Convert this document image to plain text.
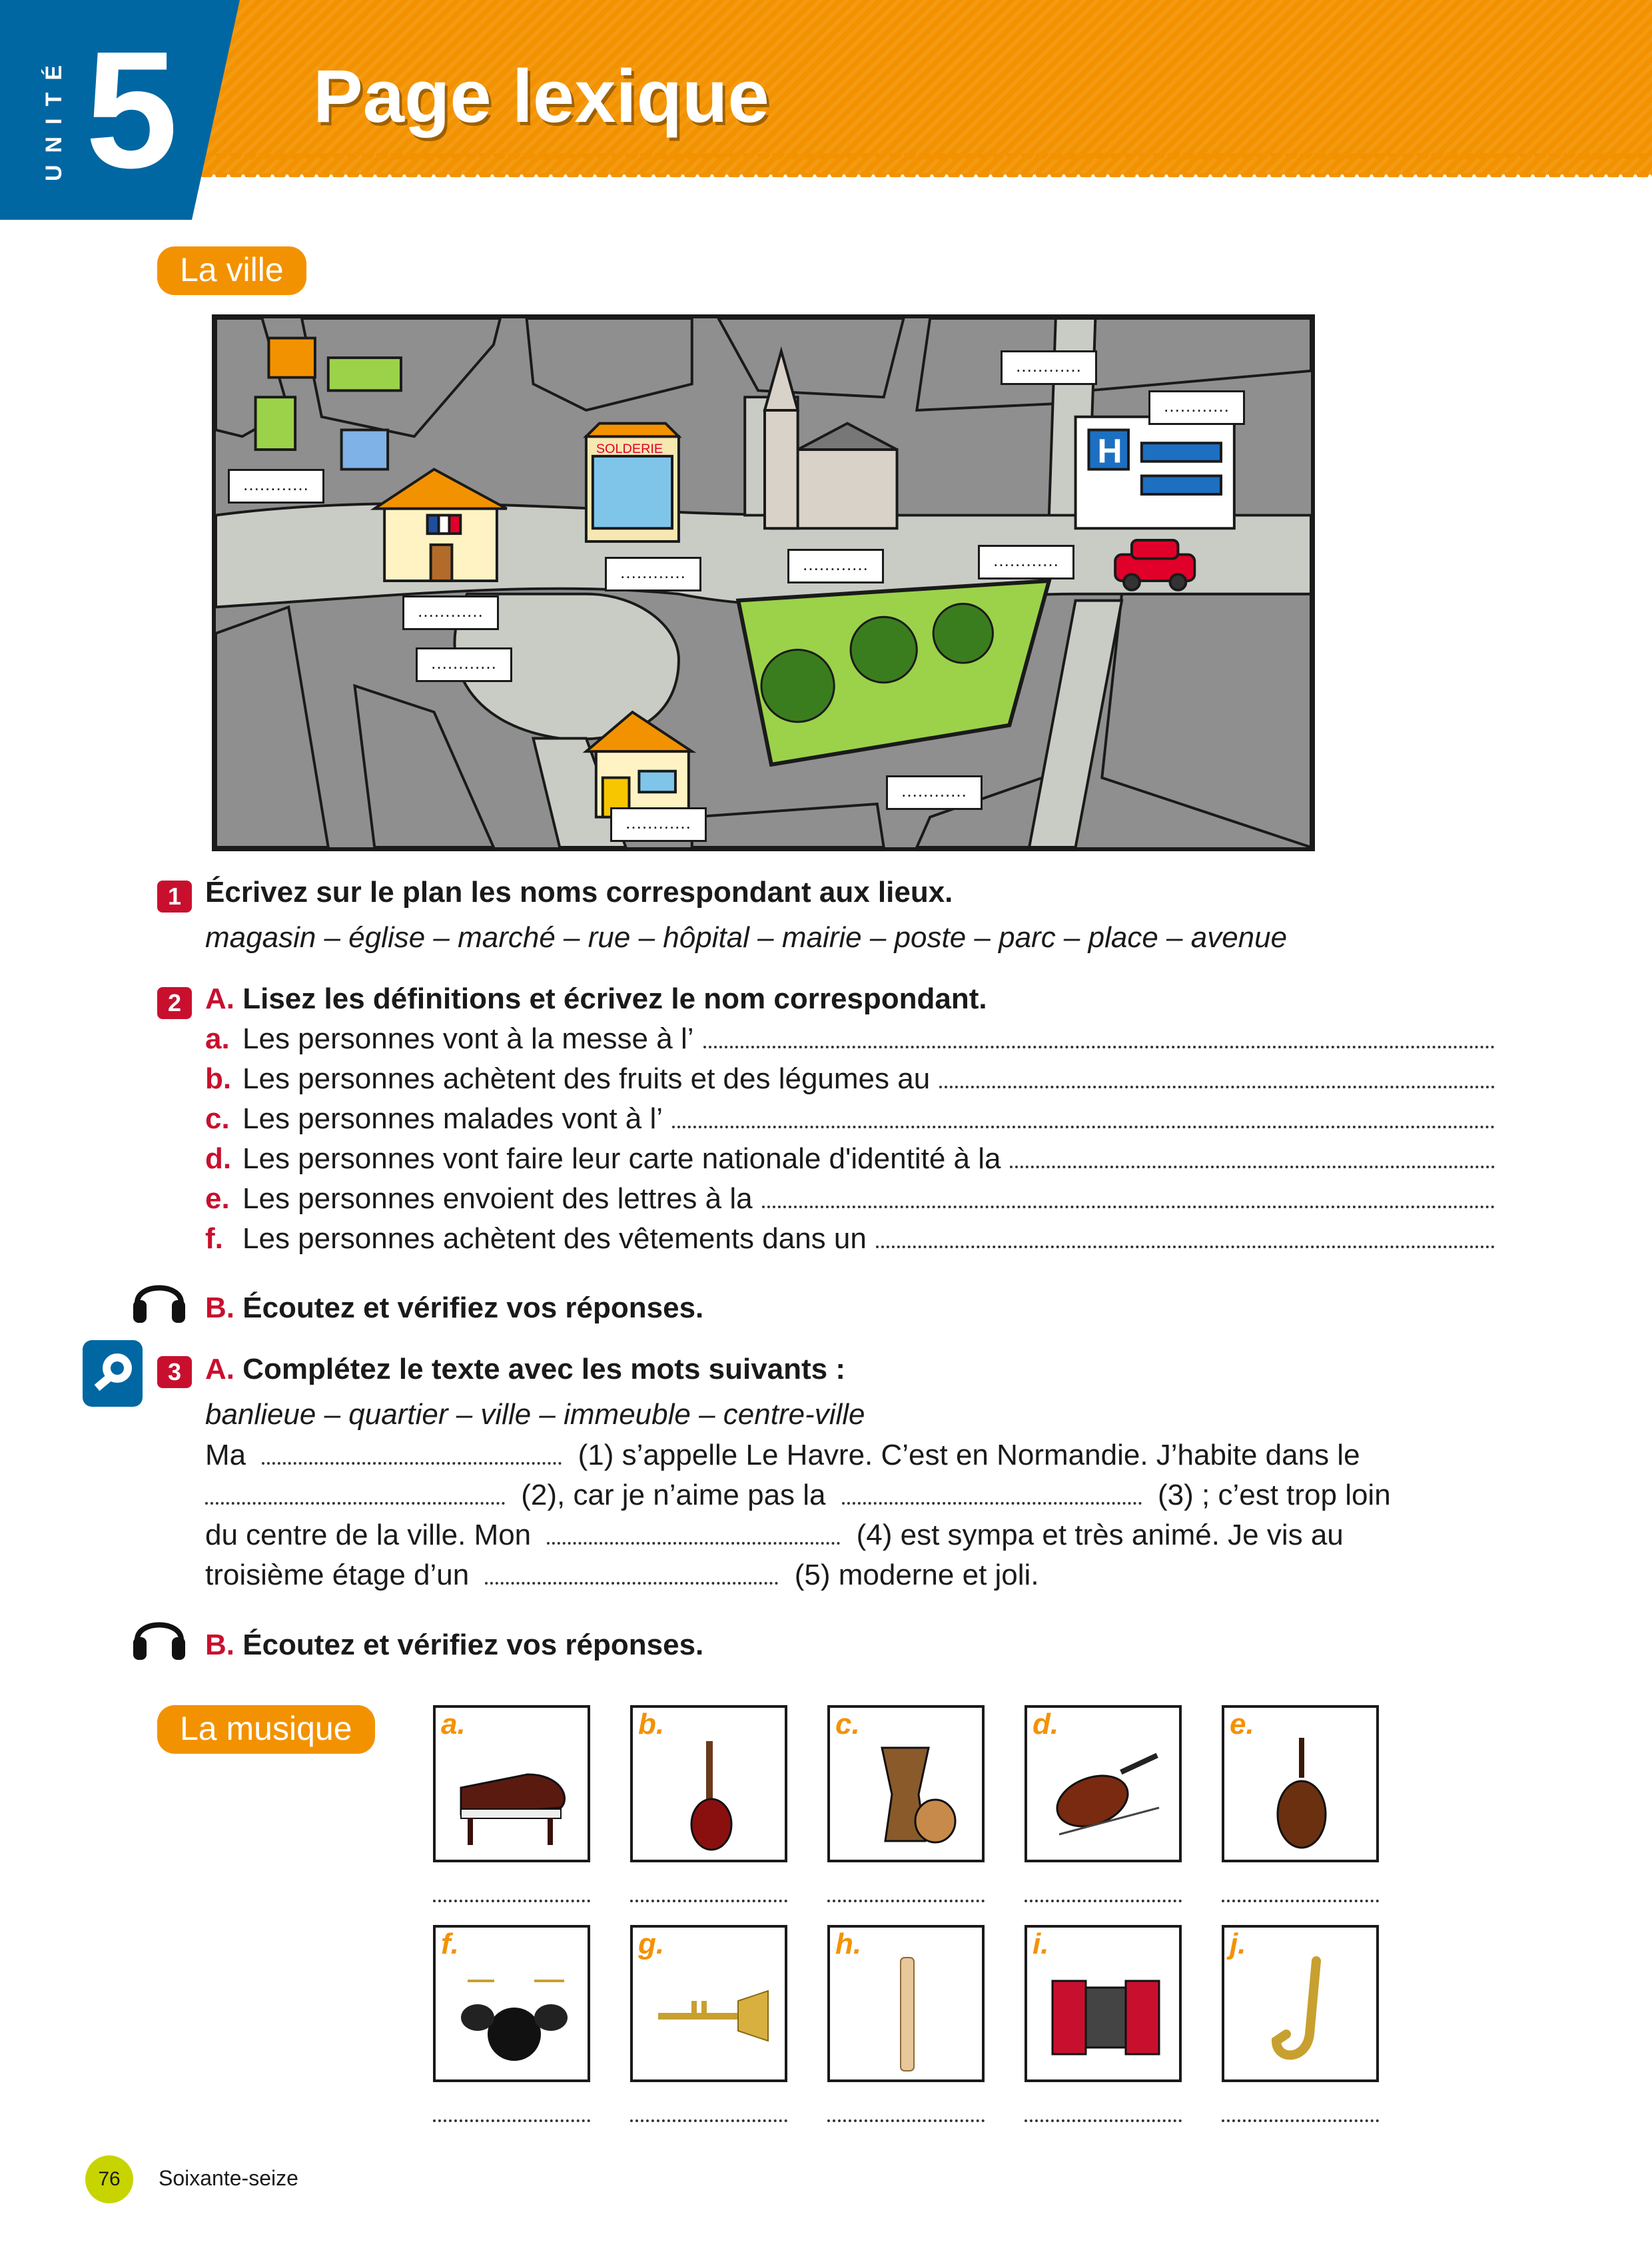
UNITÉ 5 Page lexique
La ville
SOLDERIE	H
............
............
............
............	............	............
............
............
............
............
1 Écrivez sur le plan les noms correspondant aux lieux.
magasin – église – marché – rue – hôpital – mairie – poste – parc – place – avenue
2 A. Lisez les définitions et écrivez le nom correspondant.
a. Les personnes vont à la messe à l’
b. Les personnes achètent des fruits et des légumes au
c. Les personnes malades vont à l’
d. Les personnes vont faire leur carte nationale d'identité à la
e. Les personnes envoient des lettres à la
f. Les personnes achètent des vêtements dans un
B. Écoutez et vérifiez vos réponses.
3 A. Complétez le texte avec les mots suivants :
banlieue – quartier – ville – immeuble – centre-ville
Ma	(1) s’appelle Le Havre. C’est en Normandie. J’habite dans le
(2), car je n’aime pas la	(3) ; c’est trop loin
du centre de la ville. Mon	(4) est sympa et très animé. Je vis au
troisième étage d’un	(5) moderne et joli.
B. Écoutez et vérifiez vos réponses.
La musique	a.	b.	c.	d.	e.
f.	g.	h.	i.	j.
76	Soixante-seize
